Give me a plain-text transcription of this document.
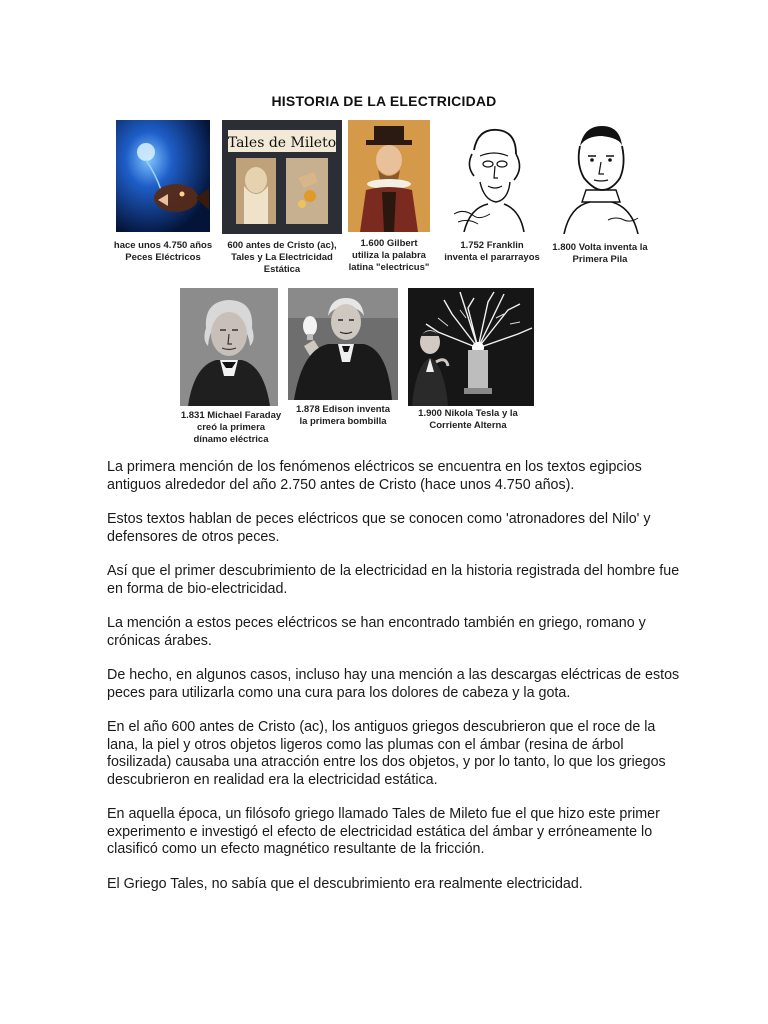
HISTORIA DE LA ELECTRICIDAD
hace unos 4.750 años
Peces Eléctricos
Tales de Mileto
600 antes de Cristo (ac),
Tales y La Electricidad
Estática
1.600 Gilbert
utiliza la palabra
latina "electricus"
1.752 Franklin
inventa el pararrayos
1.800 Volta inventa la
Primera Pila
1.831 Michael Faraday
creó la primera
dínamo eléctrica
1.878 Edison inventa
la primera bombilla
1.900 Nikola Tesla y la
Corriente Alterna

La primera mención de los fenómenos eléctricos se encuentra en los textos egipcios antiguos alrededor del año 2.750 antes de Cristo (hace unos 4.750 años).

Estos textos hablan de peces eléctricos que se conocen como 'atronadores del Nilo' y defensores de otros peces.

Así que el primer descubrimiento de la electricidad en la historia registrada del hombre fue en forma de bio-electricidad.

La mención a estos peces eléctricos se han encontrado también en griego, romano y crónicas árabes.

De hecho, en algunos casos, incluso hay una mención a las descargas eléctricas de estos peces para utilizarla como una cura para los dolores de cabeza y la gota.

En el año 600 antes de Cristo (ac), los antiguos griegos descubrieron que el roce de la lana, la piel y otros objetos ligeros como las plumas con el ámbar (resina de árbol fosilizada) causaba una atracción entre los dos objetos, y por lo tanto, lo que los griegos descubrieron en realidad era la electricidad estática.

En aquella época, un filósofo griego llamado Tales de Mileto fue el que hizo este primer experimento e investigó el efecto de electricidad estática del ámbar y erróneamente lo clasificó como un efecto magnético resultante de la fricción.

El Griego Tales, no sabía que el descubrimiento era realmente electricidad.
